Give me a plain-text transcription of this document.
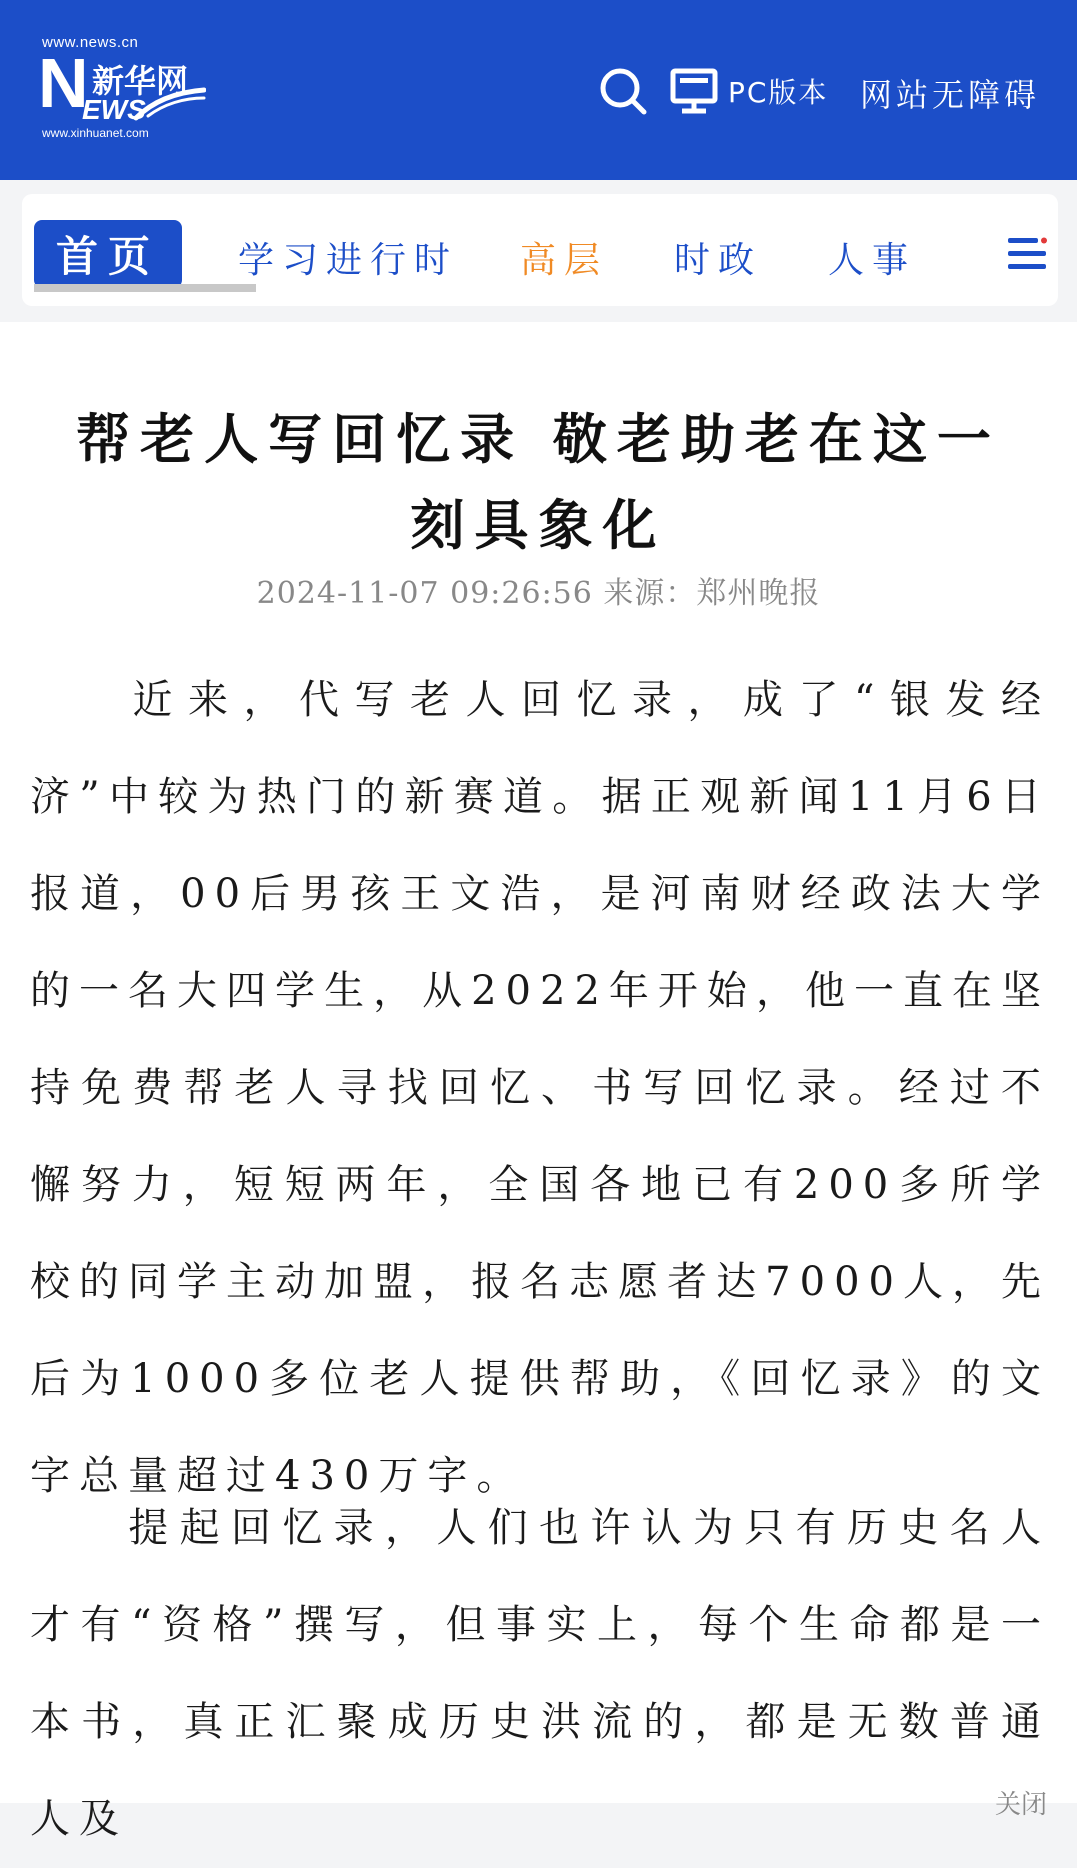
www.news.cn
N 新华网
EWS
www.xinhuanet.com
PC版本 网站无障碍
首页	学习进行时 高层 时政 人事
帮老人写回忆录 敬老助老在这一刻具象化
2024-11-07 09:26:56 来源：郑州晚报

近来，代写老人回忆录，成了“银发经济”中较为热门的新赛道。据正观新闻11月6日报道，00后男孩王文浩，是河南财经政法大学的一名大四学生，从2022年开始，他一直在坚持免费帮老人寻找回忆、书写回忆录。经过不懈努力，短短两年，全国各地已有200多所学校的同学主动加盟，报名志愿者达7000人，先后为1000多位老人提供帮助，《回忆录》的文字总量超过430万字。

提起回忆录，人们也许认为只有历史名人才有“资格”撰写，但事实上，每个生命都是一本书，真正汇聚成历史洪流的，都是无数普通人及	关闭
